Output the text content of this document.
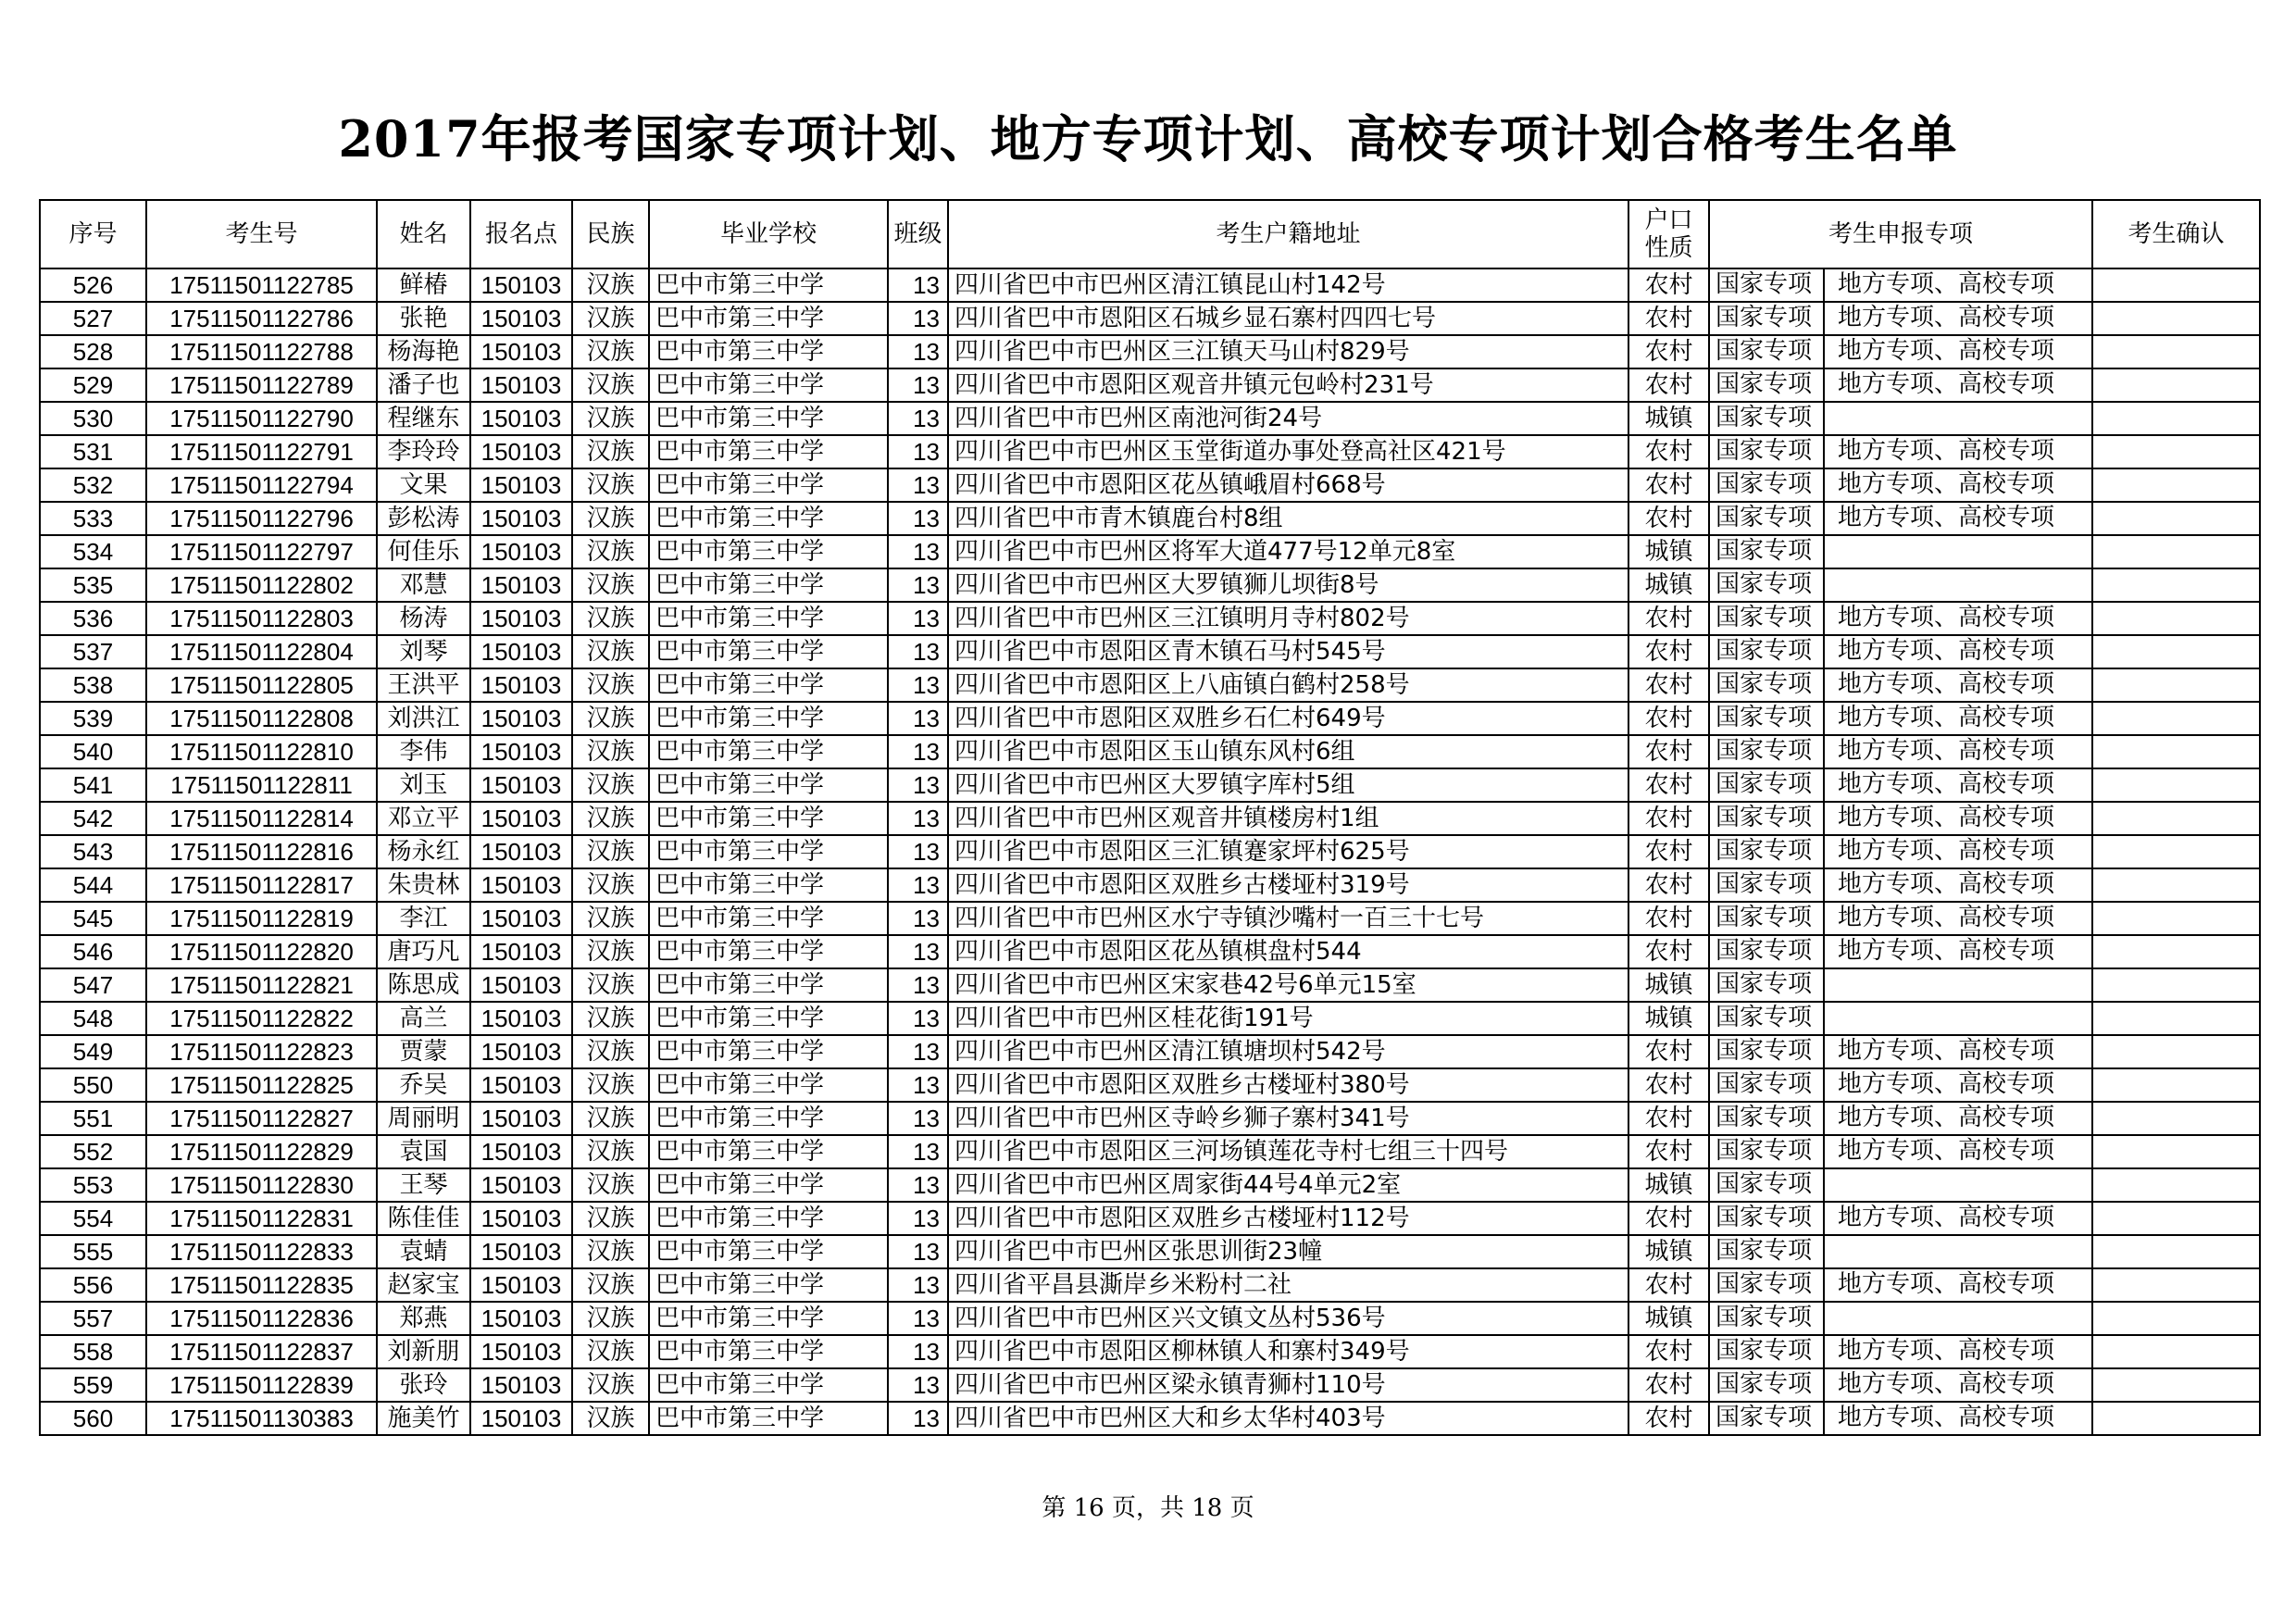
2017年报考国家专项计划、地方专项计划、高校专项计划合格考生名单
序号	考生号	姓名	报名点	民族	毕业学校	班级	考生户籍地址	户口
性质	考生申报专项	考生确认
526	17511501122785	鲜椿	150103	汉族	巴中市第三中学	13	四川省巴中市巴州区清江镇昆山村142号	农村	国家专项 地方专项、高校专项	

527	17511501122786	张艳	150103	汉族	巴中市第三中学	13	四川省巴中市恩阳区石城乡显石寨村四四七号	农村	国家专项 地方专项、高校专项	

528	17511501122788	杨海艳	150103	汉族	巴中市第三中学	13	四川省巴中市巴州区三江镇天马山村829号	农村	国家专项 地方专项、高校专项	

529	17511501122789	潘子也	150103	汉族	巴中市第三中学	13	四川省巴中市恩阳区观音井镇元包岭村231号	农村	国家专项 地方专项、高校专项	

530	17511501122790	程继东	150103	汉族	巴中市第三中学	13	四川省巴中市巴州区南池河街24号	城镇	国家专项	

531	17511501122791	李玲玲	150103	汉族	巴中市第三中学	13	四川省巴中市巴州区玉堂街道办事处登高社区421号	农村	国家专项 地方专项、高校专项	

532	17511501122794	文果	150103	汉族	巴中市第三中学	13	四川省巴中市恩阳区花丛镇峨眉村668号	农村	国家专项 地方专项、高校专项	

533	17511501122796	彭松涛	150103	汉族	巴中市第三中学	13	四川省巴中市青木镇鹿台村8组	农村	国家专项 地方专项、高校专项	

534	17511501122797	何佳乐	150103	汉族	巴中市第三中学	13	四川省巴中市巴州区将军大道477号12单元8室	城镇	国家专项	

535	17511501122802	邓慧	150103	汉族	巴中市第三中学	13	四川省巴中市巴州区大罗镇狮儿坝街8号	城镇	国家专项	

536	17511501122803	杨涛	150103	汉族	巴中市第三中学	13	四川省巴中市巴州区三江镇明月寺村802号	农村	国家专项 地方专项、高校专项	

537	17511501122804	刘琴	150103	汉族	巴中市第三中学	13	四川省巴中市恩阳区青木镇石马村545号	农村	国家专项 地方专项、高校专项	

538	17511501122805	王洪平	150103	汉族	巴中市第三中学	13	四川省巴中市恩阳区上八庙镇白鹤村258号	农村	国家专项 地方专项、高校专项	

539	17511501122808	刘洪江	150103	汉族	巴中市第三中学	13	四川省巴中市恩阳区双胜乡石仁村649号	农村	国家专项 地方专项、高校专项	

540	17511501122810	李伟	150103	汉族	巴中市第三中学	13	四川省巴中市恩阳区玉山镇东风村6组	农村	国家专项 地方专项、高校专项	

541	17511501122811	刘玉	150103	汉族	巴中市第三中学	13	四川省巴中市巴州区大罗镇字库村5组	农村	国家专项 地方专项、高校专项	

542	17511501122814	邓立平	150103	汉族	巴中市第三中学	13	四川省巴中市巴州区观音井镇楼房村1组	农村	国家专项 地方专项、高校专项	

543	17511501122816	杨永红	150103	汉族	巴中市第三中学	13	四川省巴中市恩阳区三汇镇蹇家坪村625号	农村	国家专项 地方专项、高校专项	

544	17511501122817	朱贵林	150103	汉族	巴中市第三中学	13	四川省巴中市恩阳区双胜乡古楼垭村319号	农村	国家专项 地方专项、高校专项	

545	17511501122819	李江	150103	汉族	巴中市第三中学	13	四川省巴中市巴州区水宁寺镇沙嘴村一百三十七号	农村	国家专项 地方专项、高校专项	

546	17511501122820	唐巧凡	150103	汉族	巴中市第三中学	13	四川省巴中市恩阳区花丛镇棋盘村544	农村	国家专项 地方专项、高校专项	

547	17511501122821	陈思成	150103	汉族	巴中市第三中学	13	四川省巴中市巴州区宋家巷42号6单元15室	城镇	国家专项	

548	17511501122822	高兰	150103	汉族	巴中市第三中学	13	四川省巴中市巴州区桂花街191号	城镇	国家专项	

549	17511501122823	贾蒙	150103	汉族	巴中市第三中学	13	四川省巴中市巴州区清江镇塘坝村542号	农村	国家专项 地方专项、高校专项	

550	17511501122825	乔吴	150103	汉族	巴中市第三中学	13	四川省巴中市恩阳区双胜乡古楼垭村380号	农村	国家专项 地方专项、高校专项	

551	17511501122827	周丽明	150103	汉族	巴中市第三中学	13	四川省巴中市巴州区寺岭乡狮子寨村341号	农村	国家专项 地方专项、高校专项	

552	17511501122829	袁国	150103	汉族	巴中市第三中学	13	四川省巴中市恩阳区三河场镇莲花寺村七组三十四号	农村	国家专项 地方专项、高校专项	

553	17511501122830	王琴	150103	汉族	巴中市第三中学	13	四川省巴中市巴州区周家街44号4单元2室	城镇	国家专项	

554	17511501122831	陈佳佳	150103	汉族	巴中市第三中学	13	四川省巴中市恩阳区双胜乡古楼垭村112号	农村	国家专项 地方专项、高校专项	

555	17511501122833	袁蜻	150103	汉族	巴中市第三中学	13	四川省巴中市巴州区张思训街23幢	城镇	国家专项	

556	17511501122835	赵家宝	150103	汉族	巴中市第三中学	13	四川省平昌县澌岸乡米粉村二社	农村	国家专项 地方专项、高校专项	

557	17511501122836	郑燕	150103	汉族	巴中市第三中学	13	四川省巴中市巴州区兴文镇文丛村536号	城镇	国家专项	

558	17511501122837	刘新朋	150103	汉族	巴中市第三中学	13	四川省巴中市恩阳区柳林镇人和寨村349号	农村	国家专项 地方专项、高校专项	

559	17511501122839	张玲	150103	汉族	巴中市第三中学	13	四川省巴中市巴州区梁永镇青狮村110号	农村	国家专项 地方专项、高校专项	

560	17511501130383	施美竹	150103	汉族	巴中市第三中学	13	四川省巴中市巴州区大和乡太华村403号	农村	国家专项 地方专项、高校专项	

第 16 页，共 18 页
